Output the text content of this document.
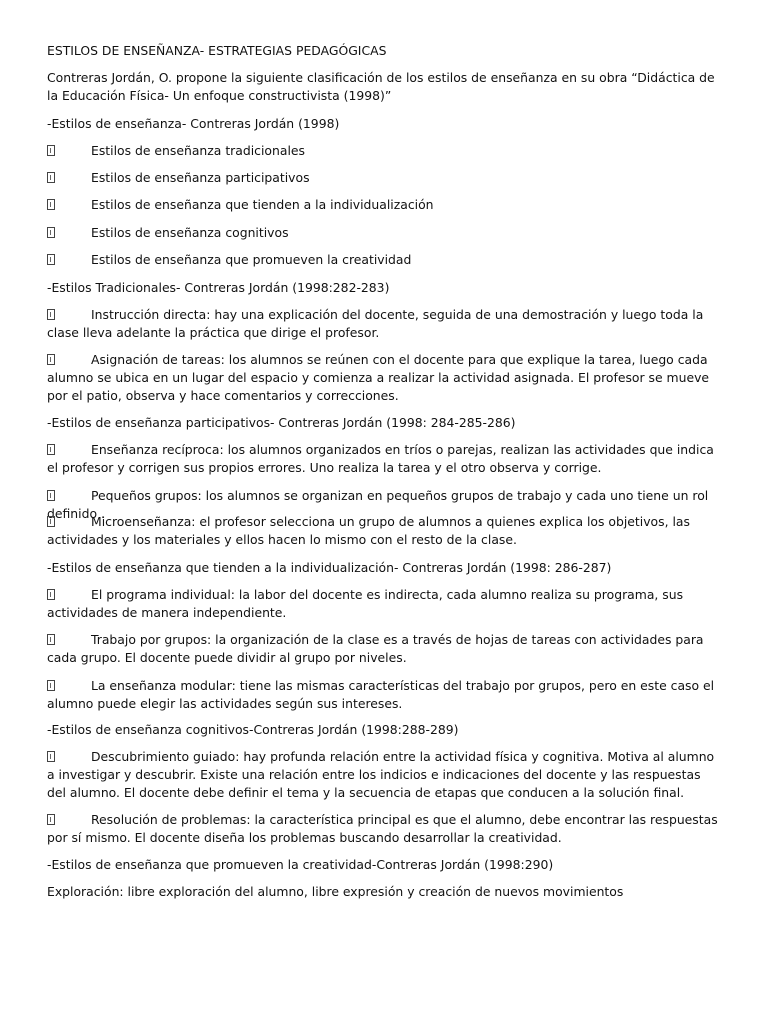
ESTILOS DE ENSEÑANZA- ESTRATEGIAS PEDAGÓGICAS

Contreras Jordán, O. propone la siguiente clasificación de los estilos de enseñanza en su obra “Didáctica de la Educación Física- Un enfoque constructivista (1998)”

-Estilos de enseñanza- Contreras Jordán (1998)

Estilos de enseñanza tradicionales

Estilos de enseñanza participativos

Estilos de enseñanza que tienden a la individualización

Estilos de enseñanza cognitivos

Estilos de enseñanza que promueven la creatividad

-Estilos Tradicionales- Contreras Jordán (1998:282-283)

Instrucción directa: hay una explicación del docente, seguida de una demostración y luego toda la clase lleva adelante la práctica que dirige el profesor.

Asignación de tareas: los alumnos se reúnen con el docente para que explique la tarea, luego cada alumno se ubica en un lugar del espacio y comienza a realizar la actividad asignada. El profesor se mueve por el patio, observa y hace comentarios y correcciones.

-Estilos de enseñanza participativos- Contreras Jordán (1998: 284-285-286)

Enseñanza recíproca: los alumnos organizados en tríos o parejas, realizan las actividades que indica el profesor y corrigen sus propios errores. Uno realiza la tarea y el otro observa y corrige.

Pequeños grupos: los alumnos se organizan en pequeños grupos de trabajo y cada uno tiene un rol definido .

Microenseñanza: el profesor selecciona un grupo de alumnos a quienes explica los objetivos, las actividades y los materiales y ellos hacen lo mismo con el resto de la clase.

-Estilos de enseñanza que tienden a la individualización- Contreras Jordán (1998: 286-287)

El programa individual: la labor del docente es indirecta, cada alumno realiza su programa, sus actividades de manera independiente.

Trabajo por grupos: la organización de la clase es a través de hojas de tareas con actividades para cada grupo. El docente puede dividir al grupo por niveles.

La enseñanza modular: tiene las mismas características del trabajo por grupos, pero en este caso el alumno puede elegir las actividades según sus intereses.

-Estilos de enseñanza cognitivos-Contreras Jordán (1998:288-289)

Descubrimiento guiado: hay profunda relación entre la actividad física y cognitiva. Motiva al alumno a investigar y descubrir. Existe una relación entre los indicios e indicaciones del docente y las respuestas del alumno. El docente debe definir el tema y la secuencia de etapas que conducen a la solución final.

Resolución de problemas: la característica principal es que el alumno, debe encontrar las respuestas por sí mismo. El docente diseña los problemas buscando desarrollar la creatividad.

-Estilos de enseñanza que promueven la creatividad-Contreras Jordán (1998:290)

Exploración: libre exploración del alumno, libre expresión y creación de nuevos movimientos
